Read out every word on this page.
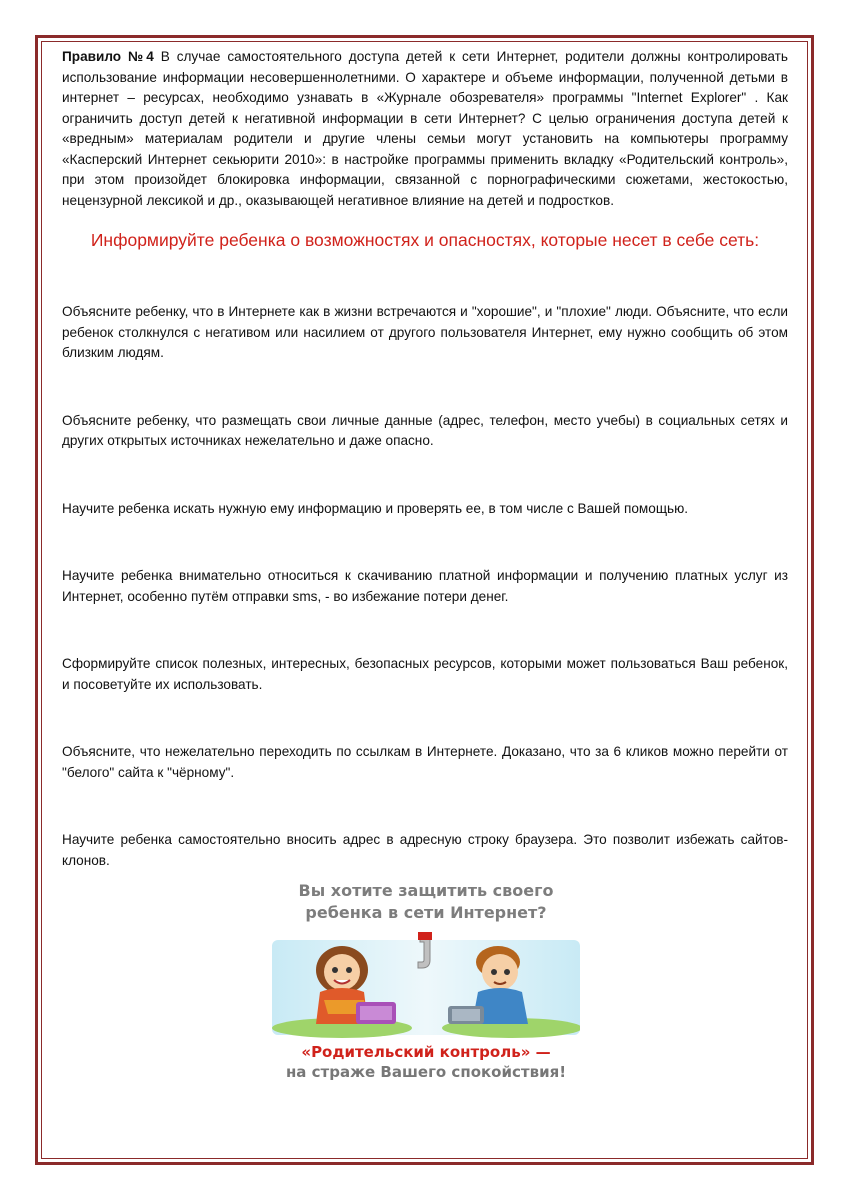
Правило №4 В случае самостоятельного доступа детей к сети Интернет, родители должны контролировать использование информации несовершеннолетними. О характере и объеме информации, полученной детьми в интернет – ресурсах, необходимо узнавать в «Журнале обозревателя» программы "Internet Explorer" . Как ограничить доступ детей к негативной информации в сети Интернет? С целью ограничения доступа детей к «вредным» материалам родители и другие члены семьи могут установить на компьютеры программу «Касперский Интернет секьюрити 2010»: в настройке программы применить вкладку «Родительский контроль», при этом произойдет блокировка информации, связанной с порнографическими сюжетами, жестокостью, нецензурной лексикой и др., оказывающей негативное влияние на детей и подростков.

Информируйте ребенка о возможностях и опасностях, которые несет в себе сеть:

Объясните ребенку, что в Интернете как в жизни встречаются и "хорошие", и "плохие" люди. Объясните, что если ребенок столкнулся с негативом или насилием от другого пользователя Интернет, ему нужно сообщить об этом близким людям.

Объясните ребенку, что размещать свои личные данные (адрес, телефон, место учебы) в социальных сетях и других открытых источниках нежелательно и даже опасно.

Научите ребенка искать нужную ему информацию и проверять ее, в том числе с Вашей помощью.

Научите ребенка внимательно относиться к скачиванию платной информации и получению платных услуг из Интернет, особенно путём отправки sms, - во избежание потери денег.

Сформируйте список полезных, интересных, безопасных ресурсов, которыми может пользоваться Ваш ребенок, и посоветуйте их использовать.

Объясните, что нежелательно переходить по ссылкам в Интернете. Доказано, что за 6 кликов можно перейти от "белого" сайта к "чёрному".

Научите ребенка самостоятельно вносить адрес в адресную строку браузера. Это позволит избежать сайтов-клонов.

Вы хотите защитить своего
ребенка в сети Интернет?
«Родительский контроль» —
на страже Вашего спокойствия!
